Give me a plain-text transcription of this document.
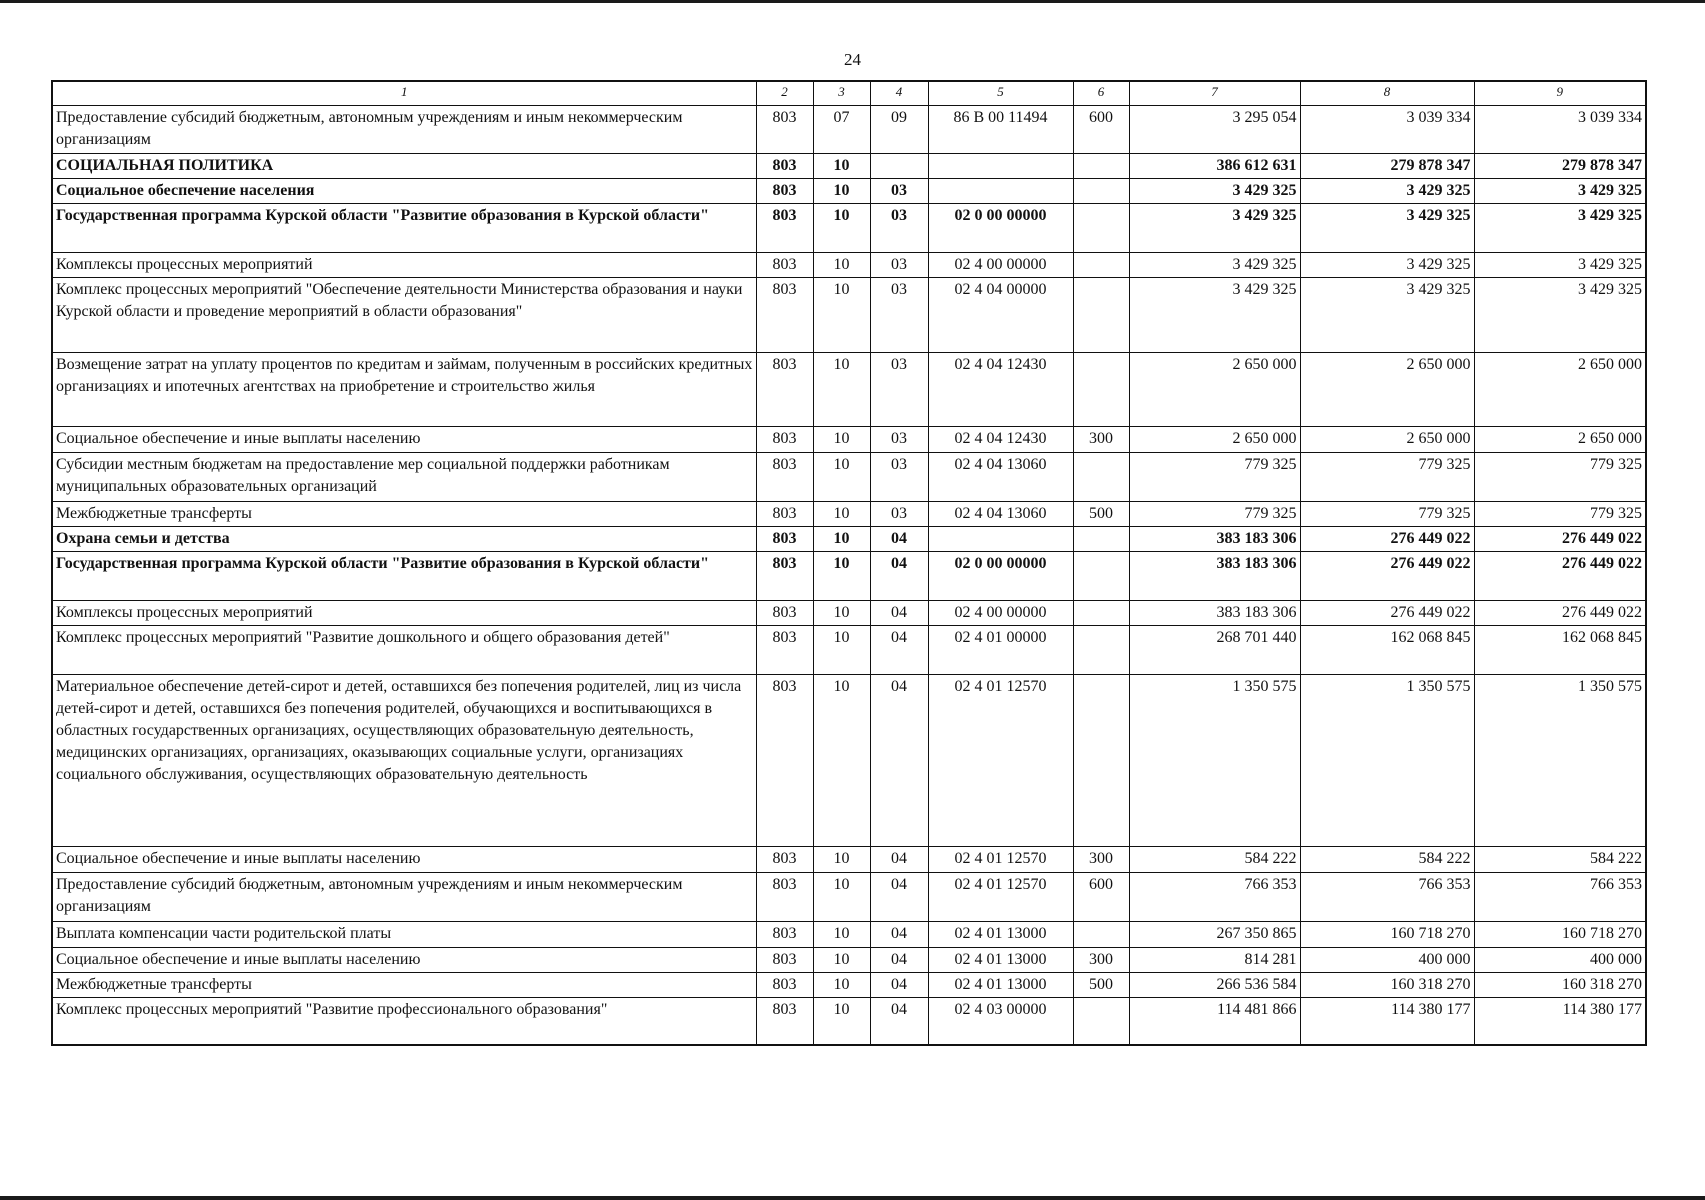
24
1	2	3	4	5	6	7	8	9
Предоставление субсидий бюджетным, автономным учреждениям и иным некоммерческим организациям	803	07	09	86 В 00 11494	600	3 295 054	3 039 334	3 039 334
СОЦИАЛЬНАЯ ПОЛИТИКА	803	10				386 612 631	279 878 347	279 878 347
Социальное обеспечение населения	803	10	03			3 429 325	3 429 325	3 429 325
Государственная программа Курской области "Развитие образования в Курской области"	803	10	03	02 0 00 00000		3 429 325	3 429 325	3 429 325
Комплексы процессных мероприятий	803	10	03	02 4 00 00000		3 429 325	3 429 325	3 429 325
Комплекс процессных мероприятий "Обеспечение деятельности Министерства образования и науки Курской области и проведение мероприятий в области образования"	803	10	03	02 4 04 00000		3 429 325	3 429 325	3 429 325
Возмещение затрат на уплату процентов по кредитам и займам, полученным в российских кредитных организациях и ипотечных агентствах на приобретение и строительство жилья	803	10	03	02 4 04 12430		2 650 000	2 650 000	2 650 000
Социальное обеспечение и иные выплаты населению	803	10	03	02 4 04 12430	300	2 650 000	2 650 000	2 650 000
Субсидии местным бюджетам на предоставление мер социальной поддержки работникам муниципальных образовательных организаций	803	10	03	02 4 04 13060		779 325	779 325	779 325
Межбюджетные трансферты	803	10	03	02 4 04 13060	500	779 325	779 325	779 325
Охрана семьи и детства	803	10	04			383 183 306	276 449 022	276 449 022
Государственная программа Курской области "Развитие образования в Курской области"	803	10	04	02 0 00 00000		383 183 306	276 449 022	276 449 022
Комплексы процессных мероприятий	803	10	04	02 4 00 00000		383 183 306	276 449 022	276 449 022
Комплекс процессных мероприятий "Развитие дошкольного и общего образования детей"	803	10	04	02 4 01 00000		268 701 440	162 068 845	162 068 845
Материальное обеспечение детей-сирот и детей, оставшихся без попечения родителей, лиц из числа детей-сирот и детей, оставшихся без попечения родителей, обучающихся и воспитывающихся в областных государственных организациях, осуществляющих образовательную деятельность, медицинских организациях, организациях, оказывающих социальные услуги, организациях социального обслуживания, осуществляющих образовательную деятельность	803	10	04	02 4 01 12570		1 350 575	1 350 575	1 350 575
Социальное обеспечение и иные выплаты населению	803	10	04	02 4 01 12570	300	584 222	584 222	584 222
Предоставление субсидий бюджетным, автономным учреждениям и иным некоммерческим организациям	803	10	04	02 4 01 12570	600	766 353	766 353	766 353
Выплата компенсации части родительской платы	803	10	04	02 4 01 13000		267 350 865	160 718 270	160 718 270
Социальное обеспечение и иные выплаты населению	803	10	04	02 4 01 13000	300	814 281	400 000	400 000
Межбюджетные трансферты	803	10	04	02 4 01 13000	500	266 536 584	160 318 270	160 318 270
Комплекс процессных мероприятий "Развитие профессионального образования"	803	10	04	02 4 03 00000		114 481 866	114 380 177	114 380 177
